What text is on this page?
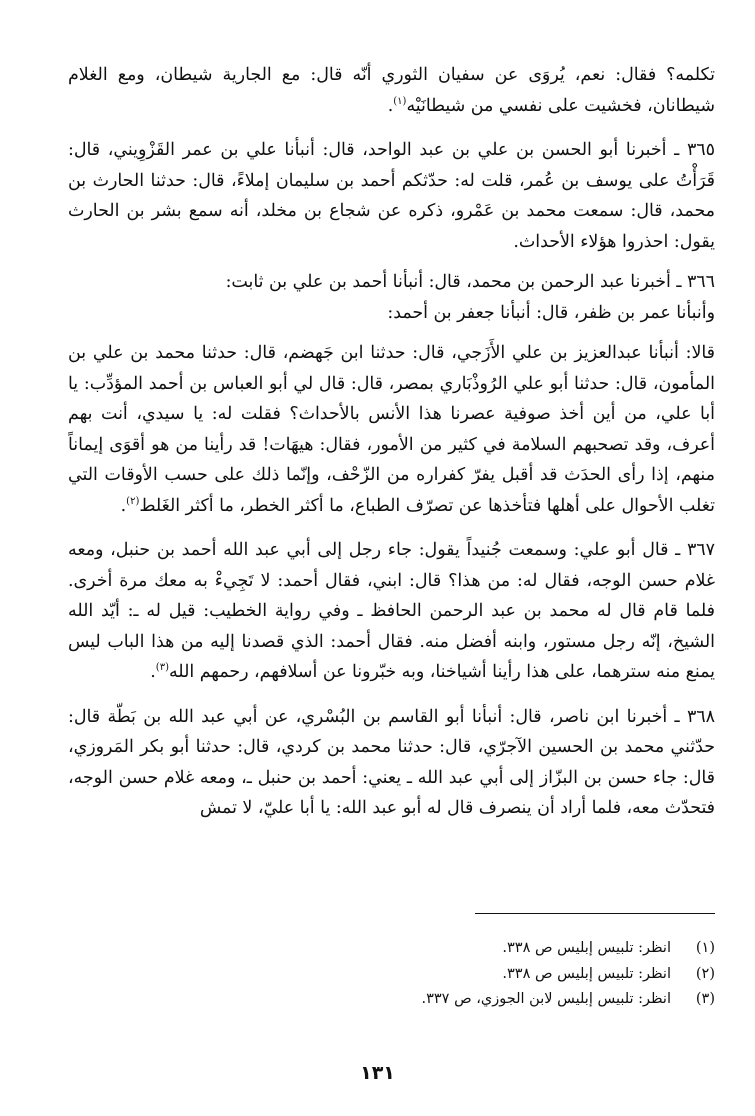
تكلمه؟ فقال: نعم، يُروَى عن سفيان الثوري أنّه قال: مع الجارية شيطان، ومع الغلام شيطانان، فخشيت على نفسي من شيطانَيْه$^{(١)}$.

٣٦٥ ـ أخبرنا أبو الحسن بن علي بن عبد الواحد، قال: أنبأنا علي بن عمر القَزْوِيني، قال: قَرَأْتُ على يوسف بن عُمر، قلت له: حدّثكم أحمد بن سليمان إملاءً، قال: حدثنا الحارث بن محمد، قال: سمعت محمد بن عَمْرو، ذكره عن شجاع بن مخلد، أنه سمع بشر بن الحارث يقول: احذروا هؤلاء الأحداث.

٣٦٦ ـ أخبرنا عبد الرحمن بن محمد، قال: أنبأنا أحمد بن علي بن ثابت:

وأنبأنا عمر بن ظفر، قال: أنبأنا جعفر بن أحمد:

قالا: أنبأنا عبدالعزيز بن علي الأَزَجي، قال: حدثنا ابن جَهضم، قال: حدثنا محمد بن علي بن المأمون، قال: حدثنا أبو علي الرُوذْبَاري بمصر، قال: قال لي أبو العباس بن أحمد المؤدِّب: يا أبا علي، من أين أخذ صوفية عصرنا هذا الأنس بالأحداث؟ فقلت له: يا سيدي، أنت بهم أعرف، وقد تصحبهم السلامة في كثير من الأمور، فقال: هيهَات! قد رأينا من هو أقوَى إيماناً منهم، إذا رأى الحدَث قد أقبل يفرّ كفراره من الزّحْف، وإنّما ذلك على حسب الأوقات التي تغلب الأحوال على أهلها فتأخذها عن تصرّف الطباع، ما أكثر الخطر، ما أكثر الغَلط$^{(٢)}$.

٣٦٧ ـ قال أبو علي: وسمعت جُنيداً يقول: جاء رجل إلى أبي عبد الله أحمد بن حنبل، ومعه غلام حسن الوجه، فقال له: من هذا؟ قال: ابني، فقال أحمد: لا تَجِيءْ به معك مرة أخرى. فلما قام قال له محمد بن عبد الرحمن الحافظ ـ وفي رواية الخطيب: قيل له ـ: أيّد الله الشيخ، إنّه رجل مستور، وابنه أفضل منه. فقال أحمد: الذي قصدنا إليه من هذا الباب ليس يمنع منه سترهما، على هذا رأينا أشياخنا، وبه خبّرونا عن أسلافهم، رحمهم الله$^{(٣)}$.

٣٦٨ ـ أخبرنا ابن ناصر، قال: أنبأنا أبو القاسم بن البُسْري، عن أبي عبد الله بن بَطّة قال: حدّثني محمد بن الحسين الآجرّي، قال: حدثنا محمد بن كردي، قال: حدثنا أبو بكر المَروزي، قال: جاء حسن بن البزّاز إلى أبي عبد الله ـ يعني: أحمد بن حنبل ـ، ومعه غلام حسن الوجه، فتحدّث معه، فلما أراد أن ينصرف قال له أبو عبد الله: يا أبا عليّ، لا تمش

(١)
انظر: تلبيس إبليس ص ٣٣٨.
(٢)
انظر: تلبيس إبليس ص ٣٣٨.
(٣)
انظر: تلبيس إبليس لابن الجوزي، ص ٣٣٧.
١٣١
